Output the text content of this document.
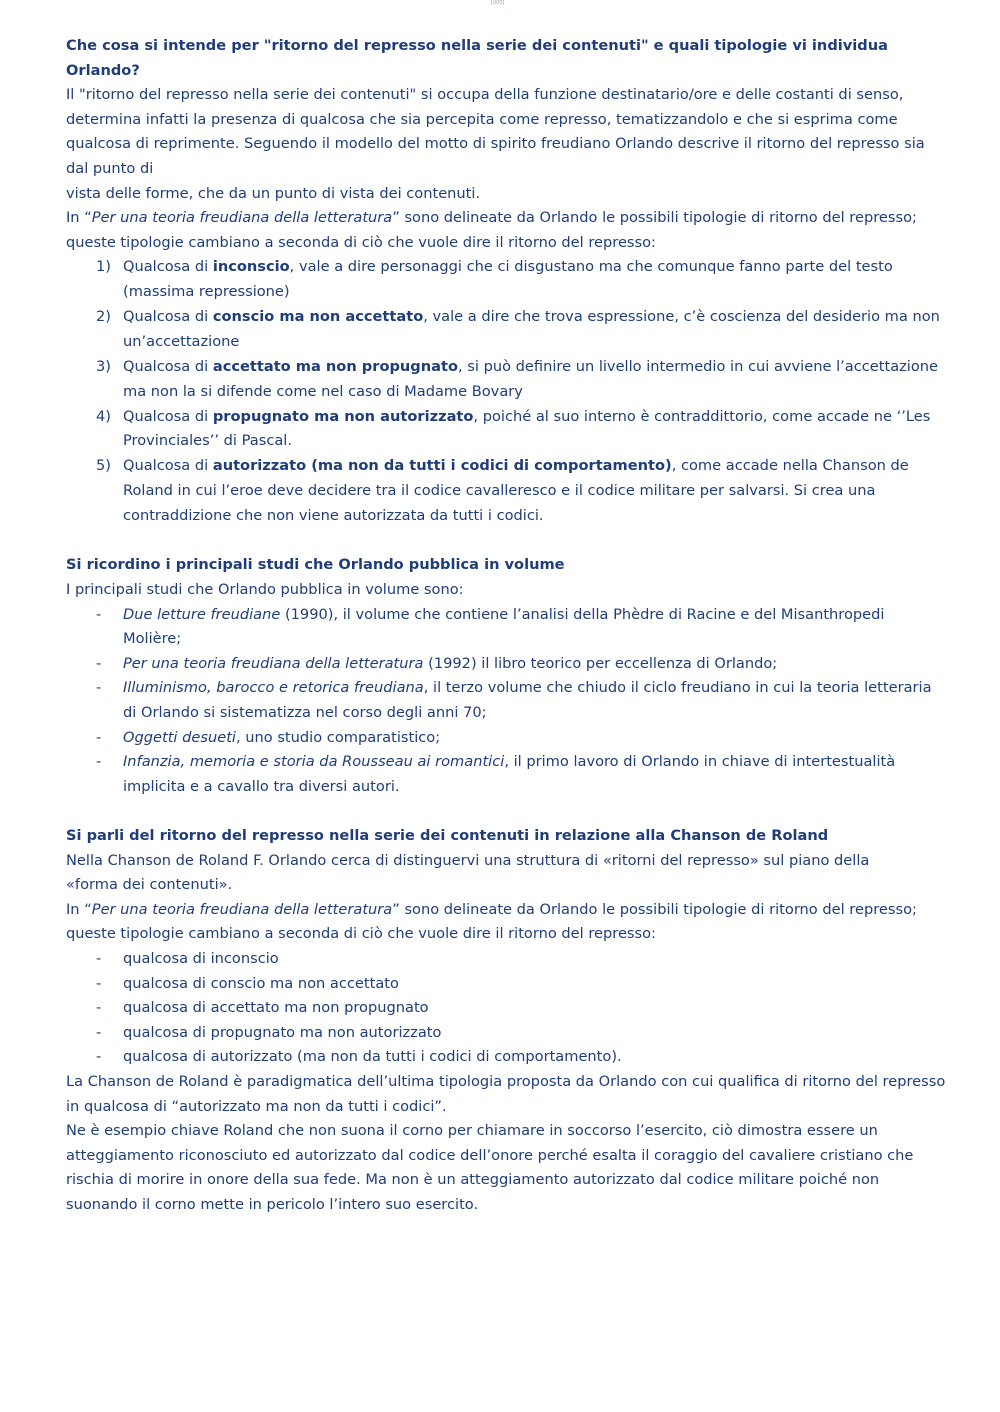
[000]

Che cosa si intende per "ritorno del represso nella serie dei contenuti" e quali tipologie vi individua Orlando?

Il "ritorno del represso nella serie dei contenuti" si occupa della funzione destinatario/ore e delle costanti di senso, determina infatti la presenza di qualcosa che sia percepita come represso, tematizzandolo e che si esprima come qualcosa di reprimente. Seguendo il modello del motto di spirito freudiano Orlando descrive il ritorno del represso sia dal punto di

vista delle forme, che da un punto di vista dei contenuti.

In “Per una teoria freudiana della letteratura” sono delineate da Orlando le possibili tipologie di ritorno del represso; queste tipologie cambiano a seconda di ciò che vuole dire il ritorno del represso:

1) Qualcosa di inconscio, vale a dire personaggi che ci disgustano ma che comunque fanno parte del testo (massima repressione)
2) Qualcosa di conscio ma non accettato, vale a dire che trova espressione, c’è coscienza del desiderio ma non un’accettazione
3) Qualcosa di accettato ma non propugnato, si può definire un livello intermedio in cui avviene l’accettazione ma non la si difende come nel caso di Madame Bovary
4) Qualcosa di propugnato ma non autorizzato, poiché al suo interno è contraddittorio, come accade ne ‘’Les Provinciales’’ di Pascal.
5) Qualcosa di autorizzato (ma non da tutti i codici di comportamento), come accade nella Chanson de Roland in cui l’eroe deve decidere tra il codice cavalleresco e il codice militare per salvarsi. Si crea una contraddizione che non viene autorizzata da tutti i codici.

Si ricordino i principali studi che Orlando pubblica in volume

I principali studi che Orlando pubblica in volume sono:

- Due letture freudiane (1990), il volume che contiene l’analisi della Phèdre di Racine e del Misanthropedi Molière;
- Per una teoria freudiana della letteratura (1992) il libro teorico per eccellenza di Orlando;
- Illuminismo, barocco e retorica freudiana, il terzo volume che chiudo il ciclo freudiano in cui la teoria letteraria di Orlando si sistematizza nel corso degli anni 70;
- Oggetti desueti, uno studio comparatistico;
- Infanzia, memoria e storia da Rousseau ai romantici, il primo lavoro di Orlando in chiave di intertestualità implicita e a cavallo tra diversi autori.

Si parli del ritorno del represso nella serie dei contenuti in relazione alla Chanson de Roland

Nella Chanson de Roland F. Orlando cerca di distinguervi una struttura di «ritorni del represso» sul piano della

«forma dei contenuti».

In “Per una teoria freudiana della letteratura” sono delineate da Orlando le possibili tipologie di ritorno del represso; queste tipologie cambiano a seconda di ciò che vuole dire il ritorno del represso:

- qualcosa di inconscio
- qualcosa di conscio ma non accettato
- qualcosa di accettato ma non propugnato
- qualcosa di propugnato ma non autorizzato
- qualcosa di autorizzato (ma non da tutti i codici di comportamento).

La Chanson de Roland è paradigmatica dell’ultima tipologia proposta da Orlando con cui qualifica di ritorno del represso in qualcosa di “autorizzato ma non da tutti i codici”.

Ne è esempio chiave Roland che non suona il corno per chiamare in soccorso l’esercito, ciò dimostra essere un atteggiamento riconosciuto ed autorizzato dal codice dell’onore perché esalta il coraggio del cavaliere cristiano che rischia di morire in onore della sua fede. Ma non è un atteggiamento autorizzato dal codice militare poiché non suonando il corno mette in pericolo l’intero suo esercito.
